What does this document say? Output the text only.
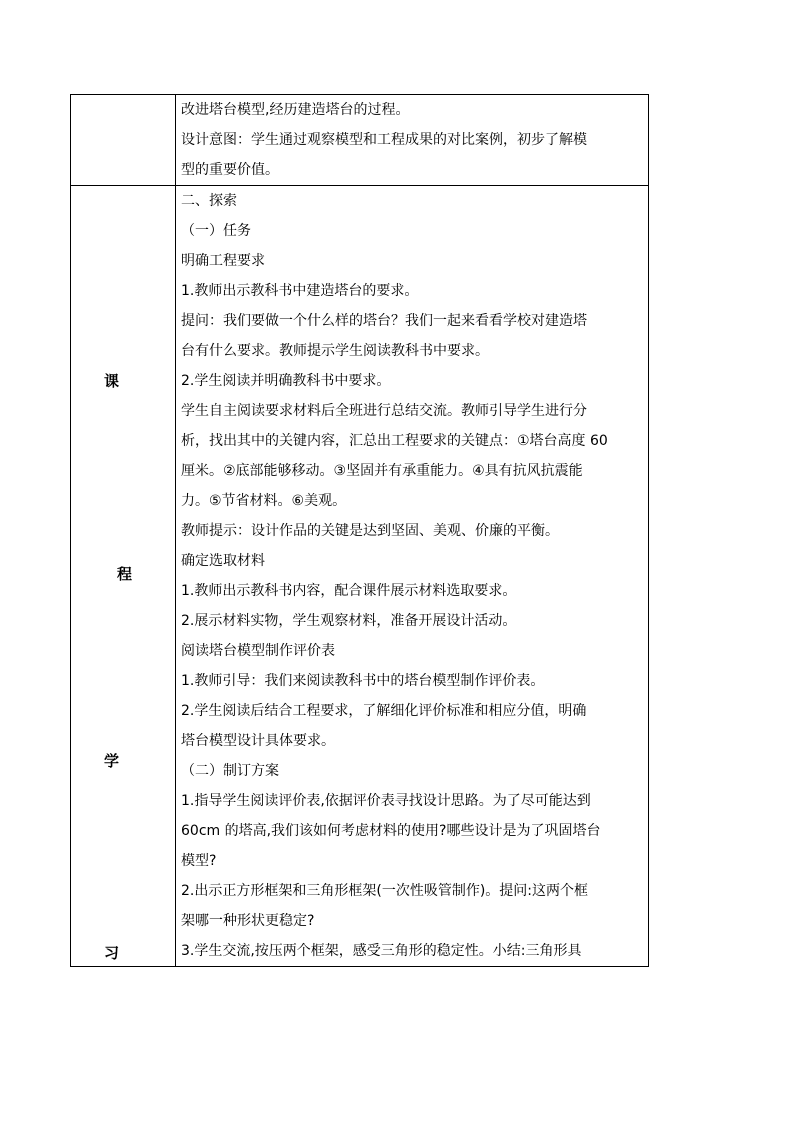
改进塔台模型,经历建造塔台的过程。

设计意图：学生通过观察模型和工程成果的对比案例，初步了解模

型的重要价值。

课
程
学
习

二、探索

（一）任务

明确工程要求

1.教师出示教科书中建造塔台的要求。

提问：我们要做一个什么样的塔台？我们一起来看看学校对建造塔

台有什么要求。教师提示学生阅读教科书中要求。

2.学生阅读并明确教科书中要求。

学生自主阅读要求材料后全班进行总结交流。教师引导学生进行分

析，找出其中的关键内容，汇总出工程要求的关键点：①塔台高度 60

厘米。②底部能够移动。③坚固并有承重能力。④具有抗风抗震能

力。⑤节省材料。⑥美观。

教师提示：设计作品的关键是达到坚固、美观、价廉的平衡。

确定选取材料

1.教师出示教科书内容，配合课件展示材料选取要求。

2.展示材料实物，学生观察材料，准备开展设计活动。

阅读塔台模型制作评价表

1.教师引导：我们来阅读教科书中的塔台模型制作评价表。

2.学生阅读后结合工程要求，了解细化评价标准和相应分值，明确

塔台模型设计具体要求。

（二）制订方案

1.指导学生阅读评价表,依据评价表寻找设计思路。为了尽可能达到

60cm 的塔高,我们该如何考虑材料的使用?哪些设计是为了巩固塔台

模型?

2.出示正方形框架和三角形框架(一次性吸管制作)。提问:这两个框

架哪一种形状更稳定?

3.学生交流,按压两个框架，感受三角形的稳定性。小结:三角形具
